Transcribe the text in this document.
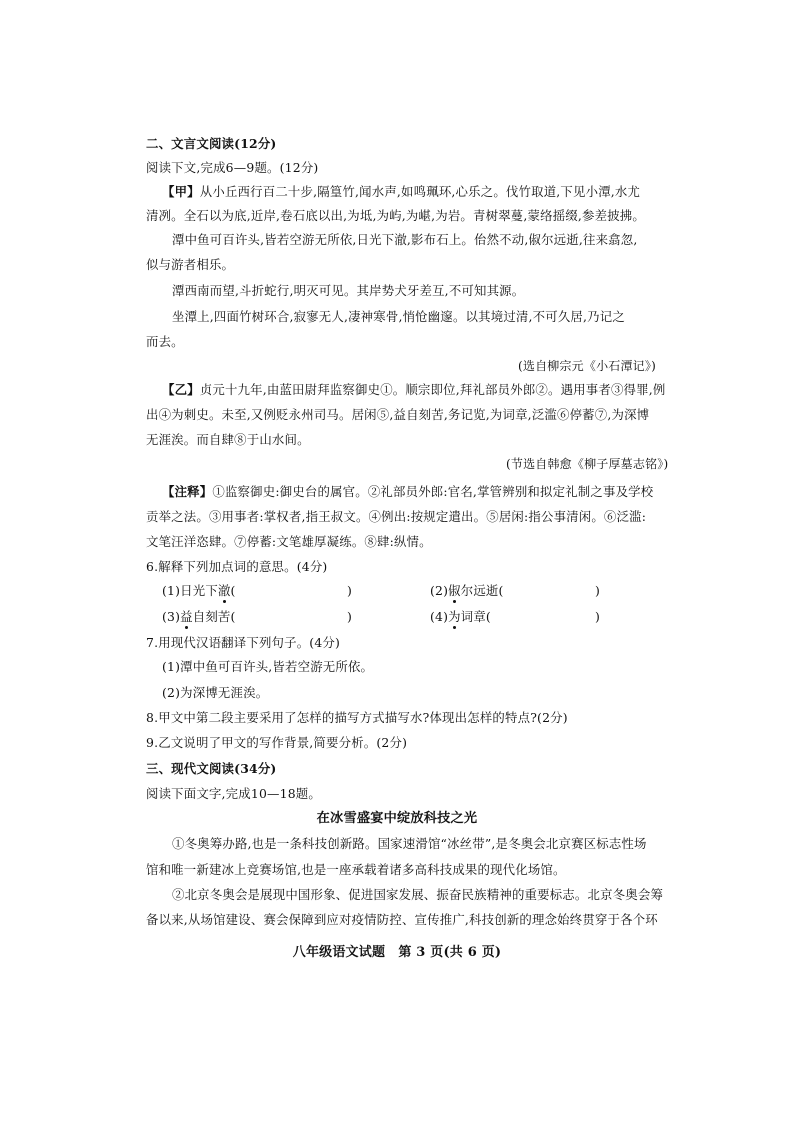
二、文言文阅读(12分)
阅读下文,完成6—9题。(12分)
【甲】从小丘西行百二十步,隔篁竹,闻水声,如鸣珮环,心乐之。伐竹取道,下见小潭,水尤
清冽。全石以为底,近岸,卷石底以出,为坻,为屿,为嵁,为岩。青树翠蔓,蒙络摇缀,参差披拂。
潭中鱼可百许头,皆若空游无所依,日光下澈,影布石上。佁然不动,俶尔远逝,往来翕忽,
似与游者相乐。
潭西南而望,斗折蛇行,明灭可见。其岸势犬牙差互,不可知其源。
坐潭上,四面竹树环合,寂寥无人,凄神寒骨,悄怆幽邃。以其境过清,不可久居,乃记之
而去。
(选自柳宗元《小石潭记》)
【乙】贞元十九年,由蓝田尉拜监察御史①。顺宗即位,拜礼部员外郎②。遇用事者③得罪,例
出④为刺史。未至,又例贬永州司马。居闲⑤,益自刻苦,务记览,为词章,泛滥⑥停蓄⑦,为深博
无涯涘。而自肆⑧于山水间。
(节选自韩愈《柳子厚墓志铭》)
【注释】①监察御史:御史台的属官。②礼部员外郎:官名,掌管辨别和拟定礼制之事及学校
贡举之法。③用事者:掌权者,指王叔文。④例出:按规定遣出。⑤居闲:指公事清闲。⑥泛滥:
文笔汪洋恣肆。⑦停蓄:文笔雄厚凝练。⑧肆:纵情。
6.解释下列加点词的意思。(4分)
(1)日光下澈(	)	(2)俶尔远逝(	)
(3)益自刻苦(	)	(4)为词章(	)
7.用现代汉语翻译下列句子。(4分)
(1)潭中鱼可百许头,皆若空游无所依。
(2)为深博无涯涘。
8.甲文中第二段主要采用了怎样的描写方式描写水?体现出怎样的特点?(2分)
9.乙文说明了甲文的写作背景,简要分析。(2分)
三、现代文阅读(34分)
阅读下面文字,完成10—18题。
在冰雪盛宴中绽放科技之光
①冬奥筹办路,也是一条科技创新路。国家速滑馆“冰丝带”,是冬奥会北京赛区标志性场
馆和唯一新建冰上竞赛场馆,也是一座承载着诸多高科技成果的现代化场馆。
②北京冬奥会是展现中国形象、促进国家发展、振奋民族精神的重要标志。北京冬奥会筹
备以来,从场馆建设、赛会保障到应对疫情防控、宣传推广,科技创新的理念始终贯穿于各个环
八年级语文试题　第 3 页(共 6 页)
